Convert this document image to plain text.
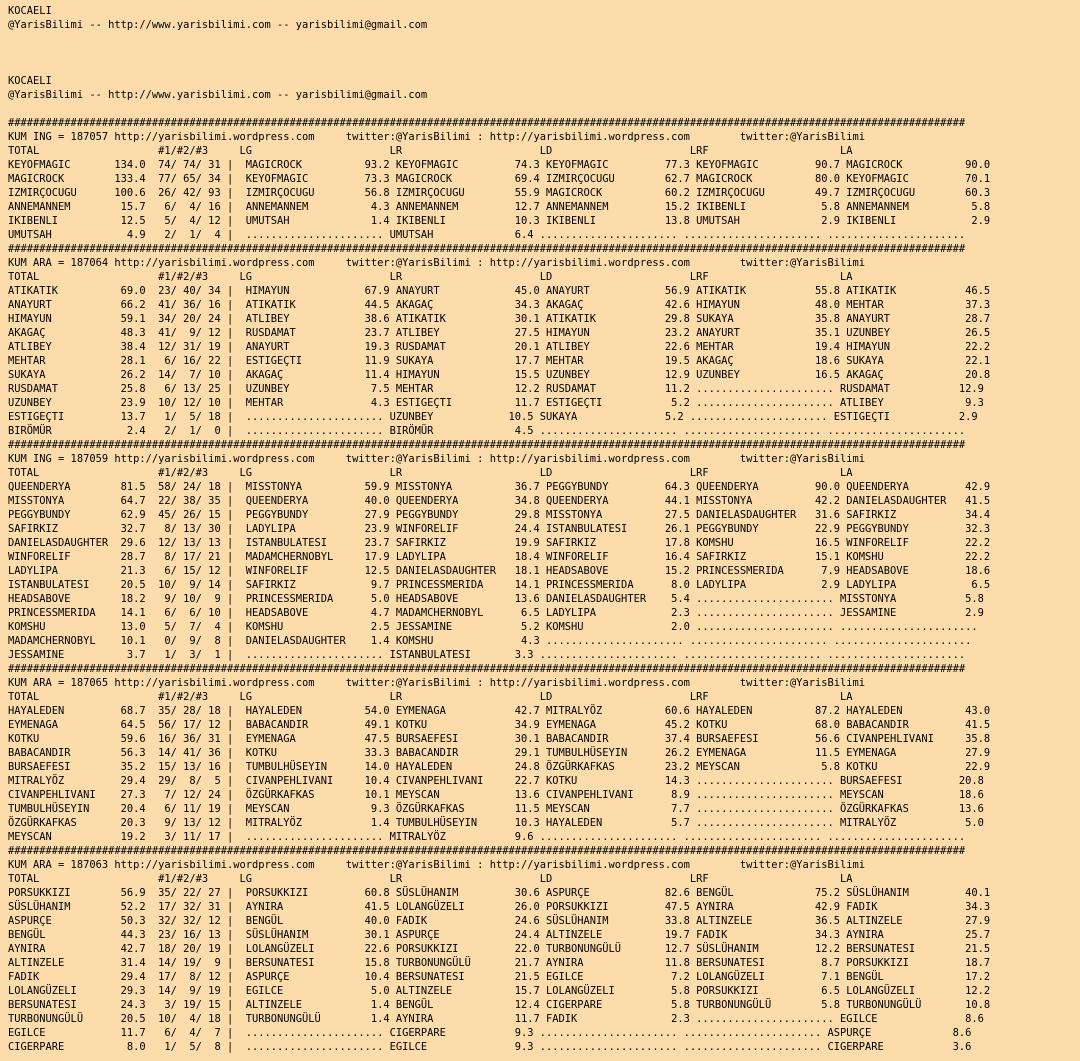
KOCAELI
@YarisBilimi -- http://www.yarisbilimi.com -- yarisbilimi@gmail.com

KOCAELI
@YarisBilimi -- http://www.yarisbilimi.com -- yarisbilimi@gmail.com

#########################################################################################################################################################
KUM ING = 187057 http://yarisbilimi.wordpress.com     twitter:@YarisBilimi : http://yarisbilimi.wordpress.com        twitter:@YarisBilimi
TOTAL                   #1/#2/#3     LG                      LR                      LD                      LRF                     LA
KEYOFMAGIC       134.0  74/ 74/ 31 |  MAGICROCK          93.2 KEYOFMAGIC         74.3 KEYOFMAGIC         77.3 KEYOFMAGIC         90.7 MAGICROCK          90.0
MAGICROCK        133.4  77/ 65/ 34 |  KEYOFMAGIC         73.3 MAGICROCK          69.4 IZMIRÇOCUGU        62.7 MAGICROCK          80.0 KEYOFMAGIC         70.1
IZMIRÇOCUGU      100.6  26/ 42/ 93 |  IZMIRÇOCUGU        56.8 IZMIRÇOCUGU        55.9 MAGICROCK          60.2 IZMIRÇOCUGU        49.7 IZMIRÇOCUGU        60.3
ANNEMANNEM        15.7   6/  4/ 16 |  ANNEMANNEM          4.3 ANNEMANNEM         12.7 ANNEMANNEM         15.2 IKIBENLI            5.8 ANNEMANNEM          5.8
IKIBENLI          12.5   5/  4/ 12 |  UMUTSAH             1.4 IKIBENLI           10.3 IKIBENLI           13.8 UMUTSAH             2.9 IKIBENLI            2.9
UMUTSAH            4.9   2/  1/  4 |  ...................... UMUTSAH             6.4 ...................... ...................... ......................
#########################################################################################################################################################
KUM ARA = 187064 http://yarisbilimi.wordpress.com     twitter:@YarisBilimi : http://yarisbilimi.wordpress.com        twitter:@YarisBilimi
TOTAL                   #1/#2/#3     LG                      LR                      LD                      LRF                     LA
ATIKATIK          69.0  23/ 40/ 34 |  HIMAYUN            67.9 ANAYURT            45.0 ANAYURT            56.9 ATIKATIK           55.8 ATIKATIK           46.5
ANAYURT           66.2  41/ 36/ 16 |  ATIKATIK           44.5 AKAGAÇ             34.3 AKAGAÇ             42.6 HIMAYUN            48.0 MEHTAR             37.3
HIMAYUN           59.1  34/ 20/ 24 |  ATLIBEY            38.6 ATIKATIK           30.1 ATIKATIK           29.8 SUKAYA             35.8 ANAYURT            28.7
AKAGAÇ            48.3  41/  9/ 12 |  RUSDAMAT           23.7 ATLIBEY            27.5 HIMAYUN            23.2 ANAYURT            35.1 UZUNBEY            26.5
ATLIBEY           38.4  12/ 31/ 19 |  ANAYURT            19.3 RUSDAMAT           20.1 ATLIBEY            22.6 MEHTAR             19.4 HIMAYUN            22.2
MEHTAR            28.1   6/ 16/ 22 |  ESTIGEÇTI          11.9 SUKAYA             17.7 MEHTAR             19.5 AKAGAÇ             18.6 SUKAYA             22.1
SUKAYA            26.2  14/  7/ 10 |  AKAGAÇ             11.4 HIMAYUN            15.5 UZUNBEY            12.9 UZUNBEY            16.5 AKAGAÇ             20.8
RUSDAMAT          25.8   6/ 13/ 25 |  UZUNBEY             7.5 MEHTAR             12.2 RUSDAMAT           11.2 ...................... RUSDAMAT           12.9
UZUNBEY           23.9  10/ 12/ 10 |  MEHTAR              4.3 ESTIGEÇTI          11.7 ESTIGEÇTI           5.2 ...................... ATLIBEY             9.3
ESTIGEÇTI         13.7   1/  5/ 18 |  ...................... UZUNBEY            10.5 SUKAYA              5.2 ...................... ESTIGEÇTI           2.9
BIRÖMÜR            2.4   2/  1/  0 |  ...................... BIRÖMÜR             4.5 ...................... ...................... ......................
#########################################################################################################################################################
KUM ING = 187059 http://yarisbilimi.wordpress.com     twitter:@YarisBilimi : http://yarisbilimi.wordpress.com        twitter:@YarisBilimi
TOTAL                   #1/#2/#3     LG                      LR                      LD                      LRF                     LA
QUEENDERYA        81.5  58/ 24/ 18 |  MISSTONYA          59.9 MISSTONYA          36.7 PEGGYBUNDY         64.3 QUEENDERYA         90.0 QUEENDERYA         42.9
MISSTONYA         64.7  22/ 38/ 35 |  QUEENDERYA         40.0 QUEENDERYA         34.8 QUEENDERYA         44.1 MISSTONYA          42.2 DANIELASDAUGHTER   41.5
PEGGYBUNDY        62.9  45/ 26/ 15 |  PEGGYBUNDY         27.9 PEGGYBUNDY         29.8 MISSTONYA          27.5 DANIELASDAUGHTER   31.6 SAFIRKIZ           34.4
SAFIRKIZ          32.7   8/ 13/ 30 |  LADYLIPA           23.9 WINFORELIF         24.4 ISTANBULATESI      26.1 PEGGYBUNDY         22.9 PEGGYBUNDY         32.3
DANIELASDAUGHTER  29.6  12/ 13/ 13 |  ISTANBULATESI      23.7 SAFIRKIZ           19.9 SAFIRKIZ           17.8 KOMSHU             16.5 WINFORELIF         22.2
WINFORELIF        28.7   8/ 17/ 21 |  MADAMCHERNOBYL     17.9 LADYLIPA           18.4 WINFORELIF         16.4 SAFIRKIZ           15.1 KOMSHU             22.2
LADYLIPA          21.3   6/ 15/ 12 |  WINFORELIF         12.5 DANIELASDAUGHTER   18.1 HEADSABOVE         15.2 PRINCESSMERIDA      7.9 HEADSABOVE         18.6
ISTANBULATESI     20.5  10/  9/ 14 |  SAFIRKIZ            9.7 PRINCESSMERIDA     14.1 PRINCESSMERIDA      8.0 LADYLIPA            2.9 LADYLIPA            6.5
HEADSABOVE        18.2   9/ 10/  9 |  PRINCESSMERIDA      5.0 HEADSABOVE         13.6 DANIELASDAUGHTER    5.4 ...................... MISSTONYA           5.8
PRINCESSMERIDA    14.1   6/  6/ 10 |  HEADSABOVE          4.7 MADAMCHERNOBYL      6.5 LADYLIPA            2.3 ...................... JESSAMINE           2.9
KOMSHU            13.0   5/  7/  4 |  KOMSHU              2.5 JESSAMINE           5.2 KOMSHU              2.0 ...................... ......................
MADAMCHERNOBYL    10.1   0/  9/  8 |  DANIELASDAUGHTER    1.4 KOMSHU              4.3 ...................... ...................... ......................
JESSAMINE          3.7   1/  3/  1 |  ...................... ISTANBULATESI       3.3 ...................... ...................... ......................
#########################################################################################################################################################
KUM ARA = 187065 http://yarisbilimi.wordpress.com     twitter:@YarisBilimi : http://yarisbilimi.wordpress.com        twitter:@YarisBilimi
TOTAL                   #1/#2/#3     LG                      LR                      LD                      LRF                     LA
HAYALEDEN         68.7  35/ 28/ 18 |  HAYALEDEN          54.0 EYMENAGA           42.7 MITRALYÖZ          60.6 HAYALEDEN          87.2 HAYALEDEN          43.0
EYMENAGA          64.5  56/ 17/ 12 |  BABACANDIR         49.1 KOTKU              34.9 EYMENAGA           45.2 KOTKU              68.0 BABACANDIR         41.5
KOTKU             59.6  16/ 36/ 31 |  EYMENAGA           47.5 BURSAEFESI         30.1 BABACANDIR         37.4 BURSAEFESI         56.6 CIVANPEHLIVANI     35.8
BABACANDIR        56.3  14/ 41/ 36 |  KOTKU              33.3 BABACANDIR         29.1 TUMBULHÜSEYIN      26.2 EYMENAGA           11.5 EYMENAGA           27.9
BURSAEFESI        35.2  15/ 13/ 16 |  TUMBULHÜSEYIN      14.0 HAYALEDEN          24.8 ÖZGÜRKAFKAS        23.2 MEYSCAN             5.8 KOTKU              22.9
MITRALYÖZ         29.4  29/  8/  5 |  CIVANPEHLIVANI     10.4 CIVANPEHLIVANI     22.7 KOTKU              14.3 ...................... BURSAEFESI         20.8
CIVANPEHLIVANI    27.3   7/ 12/ 24 |  ÖZGÜRKAFKAS        10.1 MEYSCAN            13.6 CIVANPEHLIVANI      8.9 ...................... MEYSCAN            18.6
TUMBULHÜSEYIN     20.4   6/ 11/ 19 |  MEYSCAN             9.3 ÖZGÜRKAFKAS        11.5 MEYSCAN             7.7 ...................... ÖZGÜRKAFKAS        13.6
ÖZGÜRKAFKAS       20.3   9/ 13/ 12 |  MITRALYÖZ           1.4 TUMBULHÜSEYIN      10.3 HAYALEDEN           5.7 ...................... MITRALYÖZ           5.0
MEYSCAN           19.2   3/ 11/ 17 |  ...................... MITRALYÖZ           9.6 ...................... ...................... ......................
#########################################################################################################################################################
KUM ARA = 187063 http://yarisbilimi.wordpress.com     twitter:@YarisBilimi : http://yarisbilimi.wordpress.com        twitter:@YarisBilimi
TOTAL                   #1/#2/#3     LG                      LR                      LD                      LRF                     LA
PORSUKKIZI        56.9  35/ 22/ 27 |  PORSUKKIZI         60.8 SÜSLÜHANIM         30.6 ASPURÇE            82.6 BENGÜL             75.2 SÜSLÜHANIM         40.1
SÜSLÜHANIM        52.2  17/ 32/ 31 |  AYNIRA             41.5 LOLANGÜZELI        26.0 PORSUKKIZI         47.5 AYNIRA             42.9 FADIK              34.3
ASPURÇE           50.3  32/ 32/ 12 |  BENGÜL             40.0 FADIK              24.6 SÜSLÜHANIM         33.8 ALTINZELE          36.5 ALTINZELE          27.9
BENGÜL            44.3  23/ 16/ 13 |  SÜSLÜHANIM         30.1 ASPURÇE            24.4 ALTINZELE          19.7 FADIK              34.3 AYNIRA             25.7
AYNIRA            42.7  18/ 20/ 19 |  LOLANGÜZELI        22.6 PORSUKKIZI         22.0 TURBONUNGÜLÜ       12.7 SÜSLÜHANIM         12.2 BERSUNATESI        21.5
ALTINZELE         31.4  14/ 19/  9 |  BERSUNATESI        15.8 TURBONUNGÜLÜ       21.7 AYNIRA             11.8 BERSUNATESI         8.7 PORSUKKIZI         18.7
FADIK             29.4  17/  8/ 12 |  ASPURÇE            10.4 BERSUNATESI        21.5 EGILCE              7.2 LOLANGÜZELI         7.1 BENGÜL             17.2
LOLANGÜZELI       29.3  14/  9/ 19 |  EGILCE              5.0 ALTINZELE          15.7 LOLANGÜZELI         5.8 PORSUKKIZI          6.5 LOLANGÜZELI        12.2
BERSUNATESI       24.3   3/ 19/ 15 |  ALTINZELE           1.4 BENGÜL             12.4 CIGERPARE           5.8 TURBONUNGÜLÜ        5.8 TURBONUNGÜLÜ       10.8
TURBONUNGÜLÜ      20.5  10/  4/ 18 |  TURBONUNGÜLÜ        1.4 AYNIRA             11.7 FADIK               2.3 ...................... EGILCE              8.6
EGILCE            11.7   6/  4/  7 |  ...................... CIGERPARE           9.3 ...................... ...................... ASPURÇE             8.6
CIGERPARE          8.0   1/  5/  8 |  ...................... EGILCE              9.3 ...................... ...................... CIGERPARE           3.6
